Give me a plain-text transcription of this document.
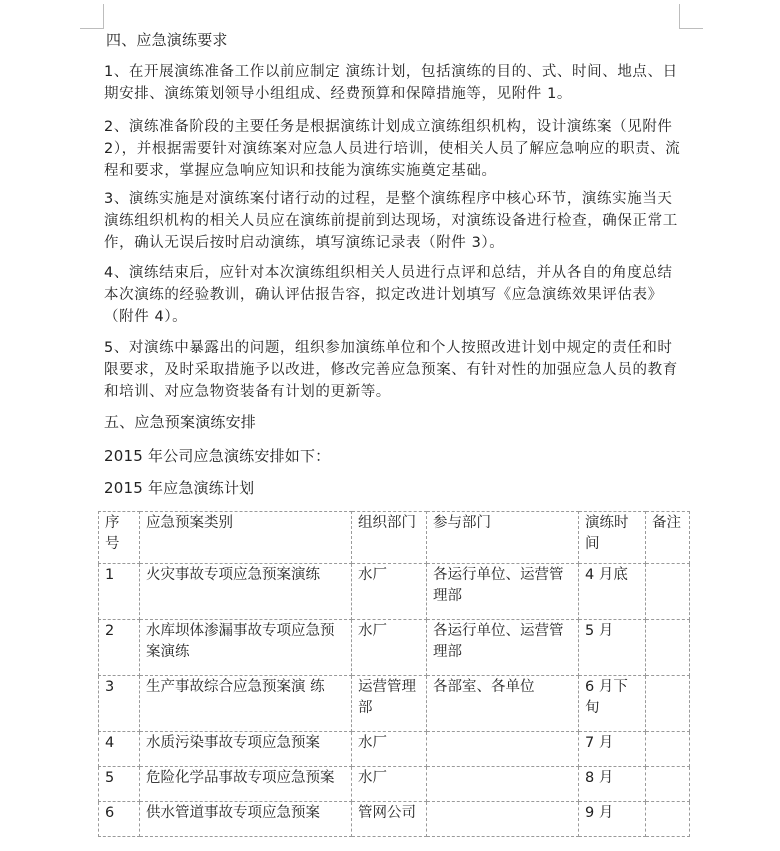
四、应急演练要求
1、在开展演练准备工作以前应制定 演练计划，包括演练的目的、式、时间、地点、日期安排、演练策划领导小组组成、经费预算和保障措施等，见附件 1。
2、演练准备阶段的主要任务是根据演练计划成立演练组织机构，设计演练案（见附件 2），并根据需要针对演练案对应急人员进行培训，使相关人员了解应急响应的职责、流程和要求，掌握应急响应知识和技能为演练实施奠定基础。
3、演练实施是对演练案付诸行动的过程，是整个演练程序中核心环节，演练实施当天演练组织机构的相关人员应在演练前提前到达现场，对演练设备进行检查，确保正常工作，确认无误后按时启动演练，填写演练记录表（附件 3）。
4、演练结束后，应针对本次演练组织相关人员进行点评和总结，并从各自的角度总结本次演练的经验教训，确认评估报告容，拟定改进计划填写《应急演练效果评估表》（附件 4）。
5、对演练中暴露出的问题，组织参加演练单位和个人按照改进计划中规定的责任和时限要求，及时采取措施予以改进，修改完善应急预案、有针对性的加强应急人员的教育和培训、对应急物资装备有计划的更新等。
五、应急预案演练安排
2015 年公司应急演练安排如下：
2015 年应急演练计划
序号	应急预案类别	组织部门	参与部门	演练时间	备注
1	火灾事故专项应急预案演练	水厂	各运行单位、运营管理部	4 月底	
2	水库坝体渗漏事故专项应急预案演练	水厂	各运行单位、运营管理部	5 月	
3	生产事故综合应急预案演 练	运营管理部	各部室、各单位	6 月下旬	
4	水质污染事故专项应急预案	水厂		7 月	
5	危险化学品事故专项应急预案	水厂		8 月	
6	供水管道事故专项应急预案	管网公司		9 月	
